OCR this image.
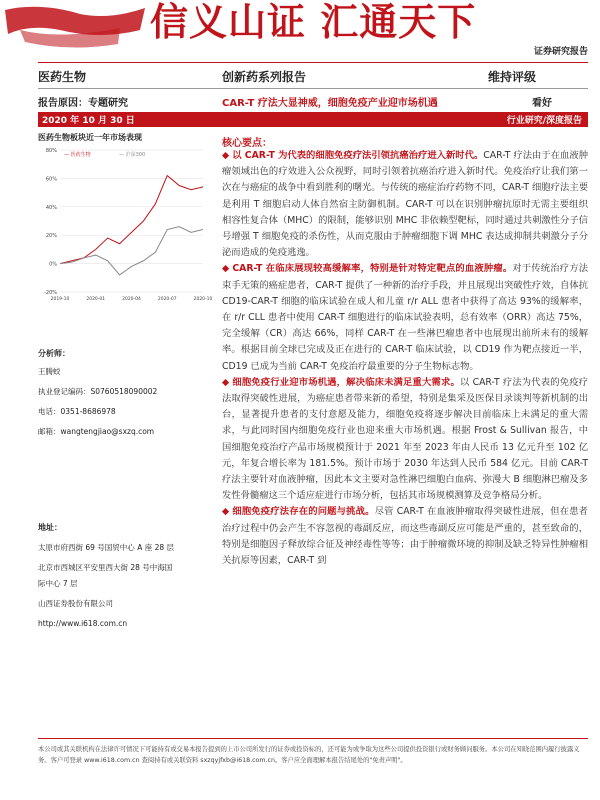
信义山证 汇通天下
证券研究报告
医药生物	创新药系列报告	维持评级
报告原因：专题研究	CAR-T 疗法大显神威，细胞免疫产业迎市场机遇	看好
2020 年 10 月 30 日	行业研究/深度报告
医药生物板块近一年市场表现
-20%
0%
20%
40%
60%
80%
2019-10	2020-01	2020-04	2020-07	2020-10
— 医药生物	— 沪深300
分析师：
王腾蛟
执业登记编码：S0760518090002
电话：0351-8686978
邮箱：wangtengjiao@sxzq.com
地址：
太原市府西街 69 号国贸中心 A 座 28 层
北京市西城区平安里西大街 28 号中海国
际中心 7 层
山西证券股份有限公司
http://www.i618.com.cn
核心要点：

◆ 以 CAR-T 为代表的细胞免疫疗法引领抗癌治疗进入新时代。CAR-T 疗法由于在血液肿瘤领域出色的疗效进入公众视野，同时引领着抗癌治疗进入新时代。免疫治疗让我们第一次在与癌症的战争中看到胜利的曙光。与传统的癌症治疗药物不同，CAR-T 细胞疗法主要是利用 T 细胞启动人体自然宿主防御机制。CAR-T 可以在识别肿瘤抗原时无需主要组织相容性复合体（MHC）的限制，能够识别 MHC 非依赖型靶标，同时通过共刺激性分子信号增强 T 细胞免疫的杀伤性，从而克服由于肿瘤细胞下调 MHC 表达成抑制共刺激分子分泌而造成的免疫逃逸。

◆ CAR-T 在临床展现较高缓解率，特别是针对特定靶点的血液肿瘤。对于传统治疗方法束手无策的癌症患者，CAR-T 提供了一种新的治疗手段，并且展现出突破性疗效，自体抗 CD19-CAR-T 细胞的临床试验在成人和儿童 r/r ALL 患者中获得了高达 93%的缓解率，在 r/r CLL 患者中使用 CAR-T 细胞进行的临床试验表明，总有效率（ORR）高达 75%，完全缓解（CR）高达 66%，同样 CAR-T 在一些淋巴瘤患者中也展现出前所未有的缓解率。根据目前全球已完成及正在进行的 CAR-T 临床试验，以 CD19 作为靶点接近一半，CD19 已成为当前 CAR-T 免疫治疗最重要的分子生物标志物。

◆ 细胞免疫行业迎市场机遇，解决临床未满足重大需求。以 CAR-T 疗法为代表的免疫疗法取得突破性进展，为癌症患者带来新的希望，特别是集采及医保目录谈判等新机制的出台，显著提升患者的支付意愿及能力，细胞免疫将逐步解决目前临床上未满足的重大需求，与此同时国内细胞免疫行业也迎来重大市场机遇。根据 Frost & Sullivan 报告，中国细胞免疫治疗产品市场规模预计于 2021 年至 2023 年由人民币 13 亿元升至 102 亿元，年复合增长率为 181.5%。预计市场于 2030 年达到人民币 584 亿元。目前 CAR-T 疗法主要针对血液肿瘤，因此本文主要对急性淋巴细胞白血病、弥漫大 B 细胞淋巴瘤及多发性骨髓瘤这三个适应症进行市场分析，包括其市场规模测算及竞争格局分析。

◆ 细胞免疫疗法存在的问题与挑战。尽管 CAR-T 在血液肿瘤取得突破性进展，但在患者治疗过程中仍会产生不容忽视的毒副反应，而这些毒副反应可能是严重的，甚至致命的，特别是细胞因子释放综合征及神经毒性等等；由于肿瘤微环境的抑制及缺乏特异性肿瘤相关抗原等因素，CAR-T 到

本公司或其关联机构在法律许可情况下可能持有或交易本报告提到的上市公司所发行的证券或投资标的，还可能为或争取为这些公司提供投资银行或财务顾问服务。本公司在知晓范围内履行披露义务。客户可登录 www.i618.com.cn 查阅持有或关联资料 sxzqyjfxb@i618.com.cn。客户应全面理解本报告结尾处的"免责声明"。
